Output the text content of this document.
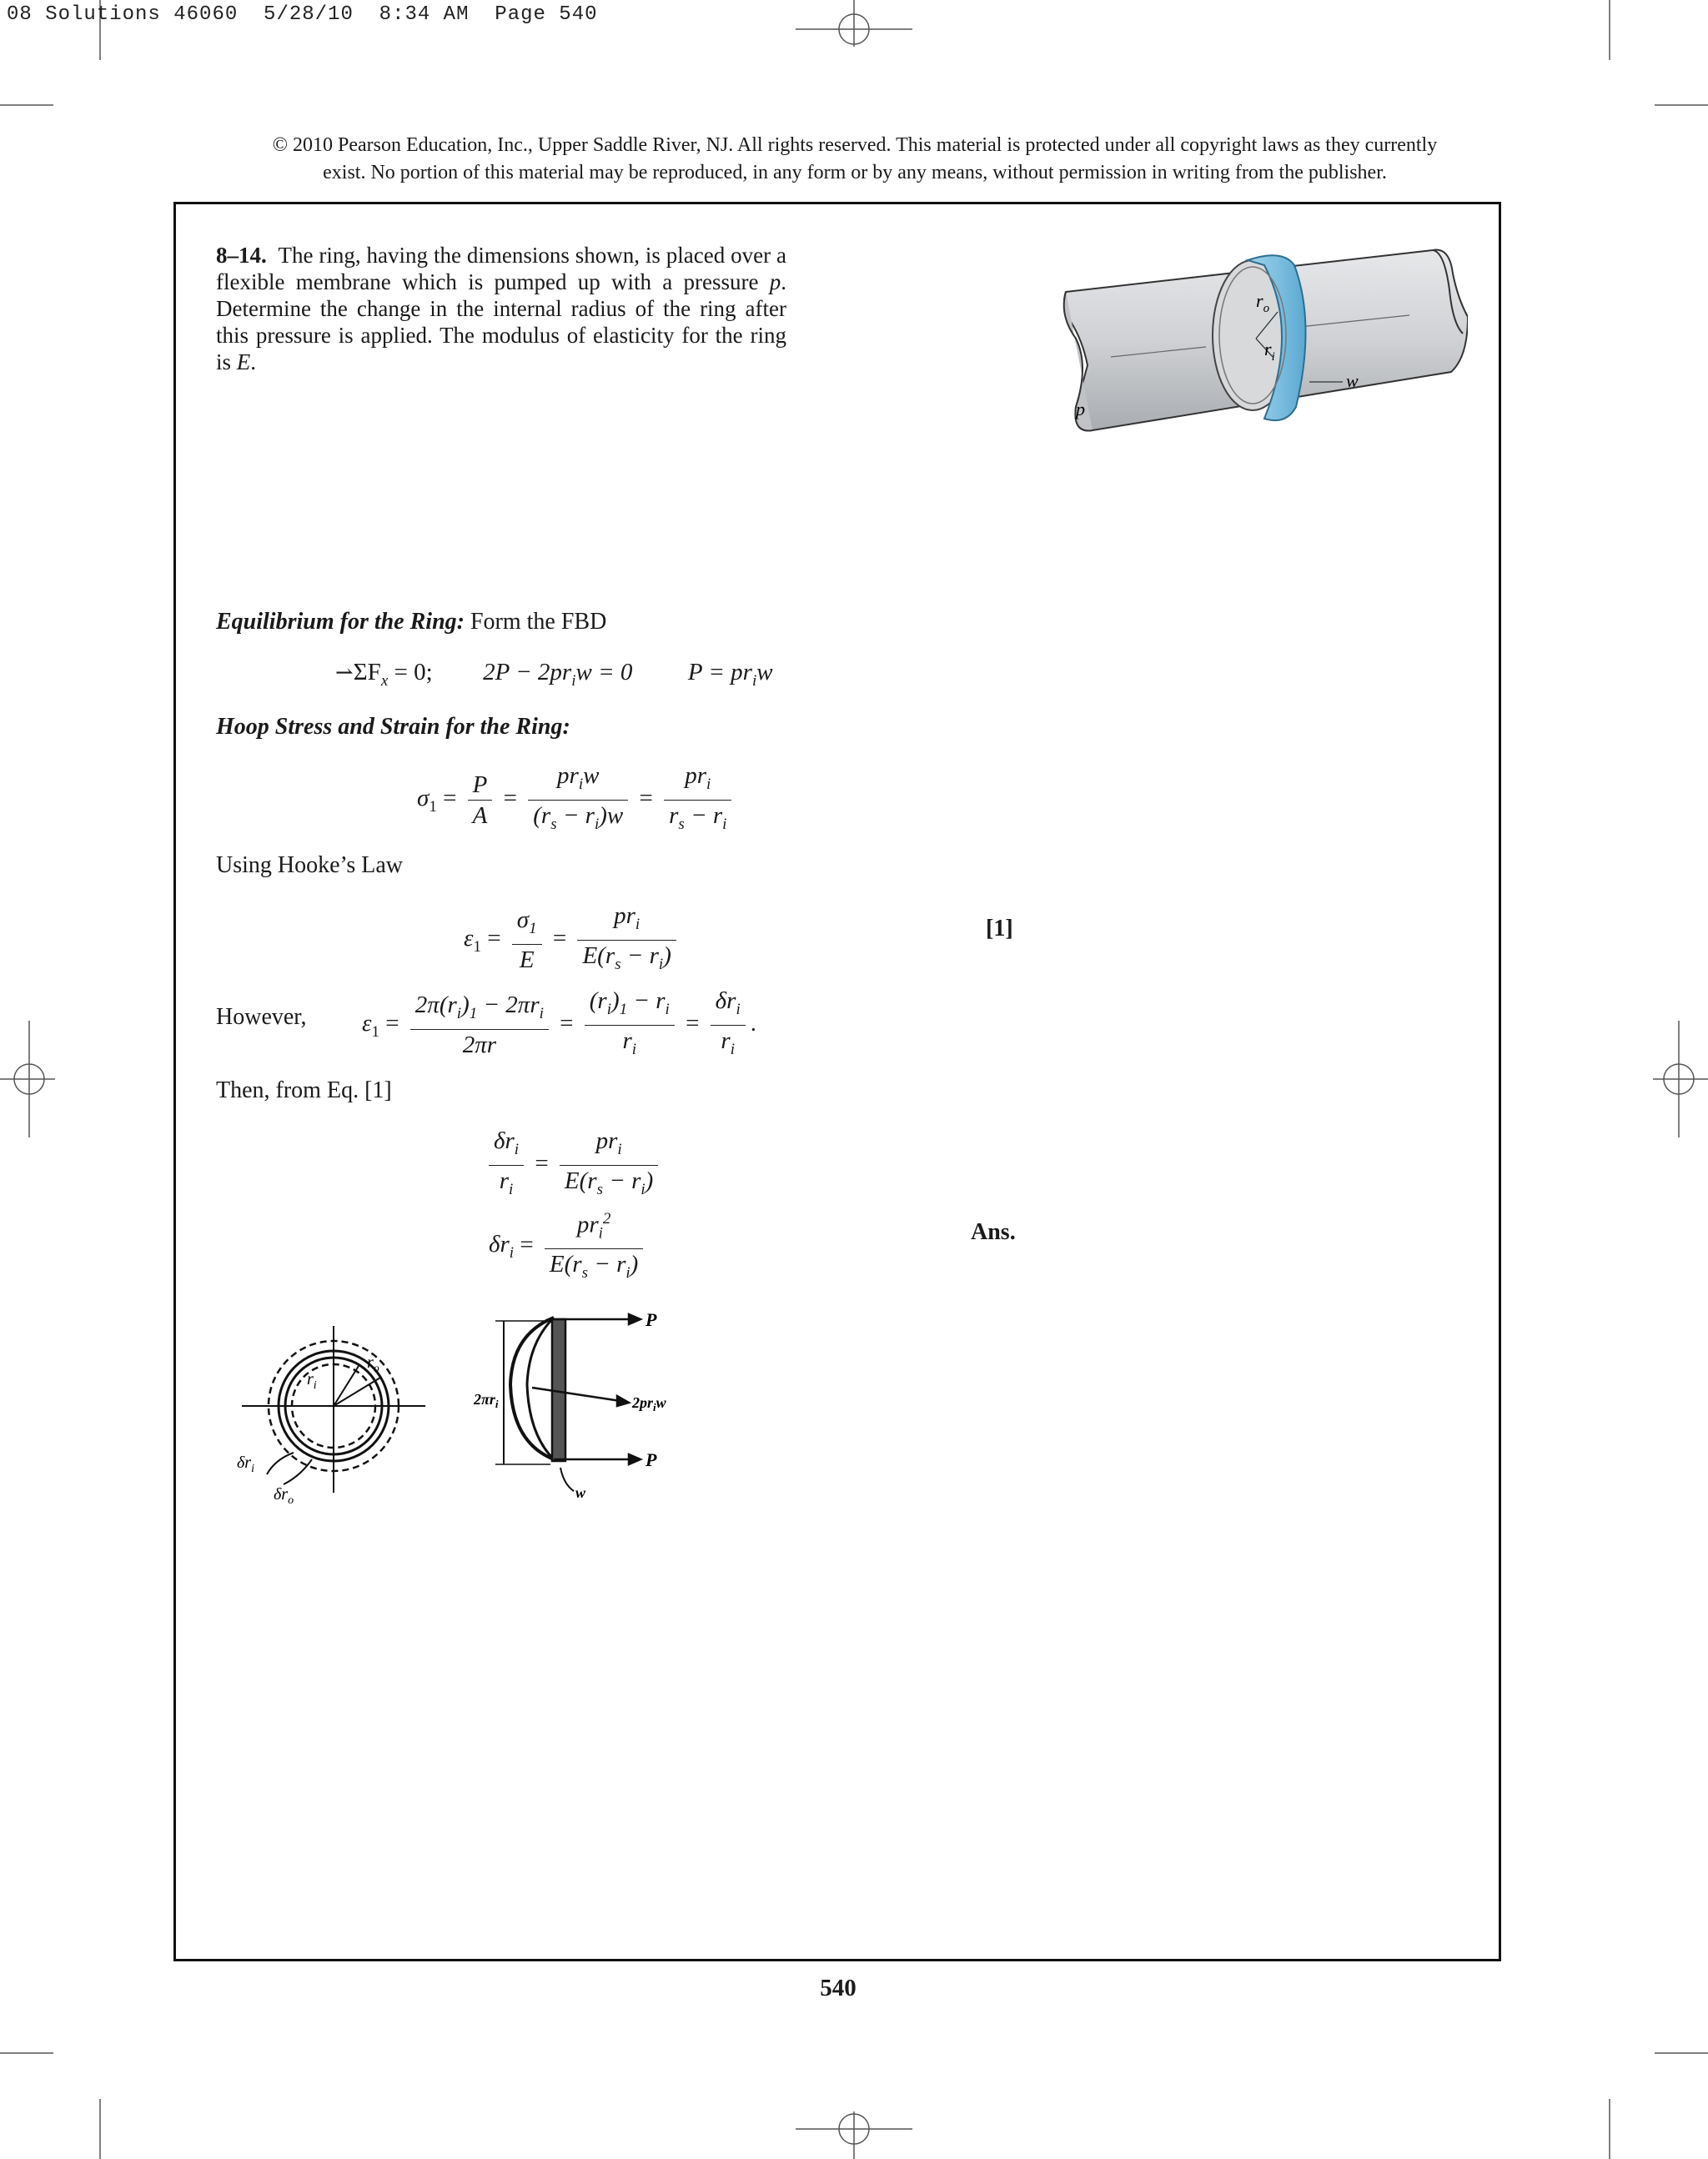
08 Solutions 46060  5/28/10  8:34 AM  Page 540
© 2010 Pearson Education, Inc., Upper Saddle River, NJ. All rights reserved. This material is protected under all copyright laws as they currently
exist. No portion of this material may be reproduced, in any form or by any means, without permission in writing from the publisher.
8–14. The ring, having the dimensions shown, is placed over a flexible membrane which is pumped up with a pressure p. Determine the change in the internal radius of the ring after this pressure is applied. The modulus of elasticity for the ring is E.
$r_o$
$r_i$
w
p
Equilibrium for the Ring: Form the FBD
$⇀\Sigma F_x = 0$; $2P - 2pr_iw = 0$ $P = pr_iw$
Hoop Stress and Strain for the Ring:
$\sigma_1 = \frac{P}{A} = \frac{pr_iw}{(r_s - r_i)w} = \frac{pr_i}{r_s - r_i}$
Using Hooke’s Law
$\varepsilon_1 = \frac{\sigma_1}{E} = \frac{pr_i}{E(r_s - r_i)}$	[1]
However, $\varepsilon_1 = \frac{2\pi(r_i)_1 - 2\pi r_i}{2\pi r} = \frac{(r_i)_1 - r_i}{r_i} = \frac{\delta r_i}{r_i}$ .
Then, from Eq. [1]
$\frac{\delta r_i}{r_i} = \frac{pr_i}{E(r_s - r_i)}$
$\delta r_i = \frac{pr_i^2}{E(r_s - r_i)}$	Ans.
$r_i$
$r_o$
$\delta r_i$
$\delta r_o$
P
P
$2pr_iw$
$2\pi r_i$
w
540
